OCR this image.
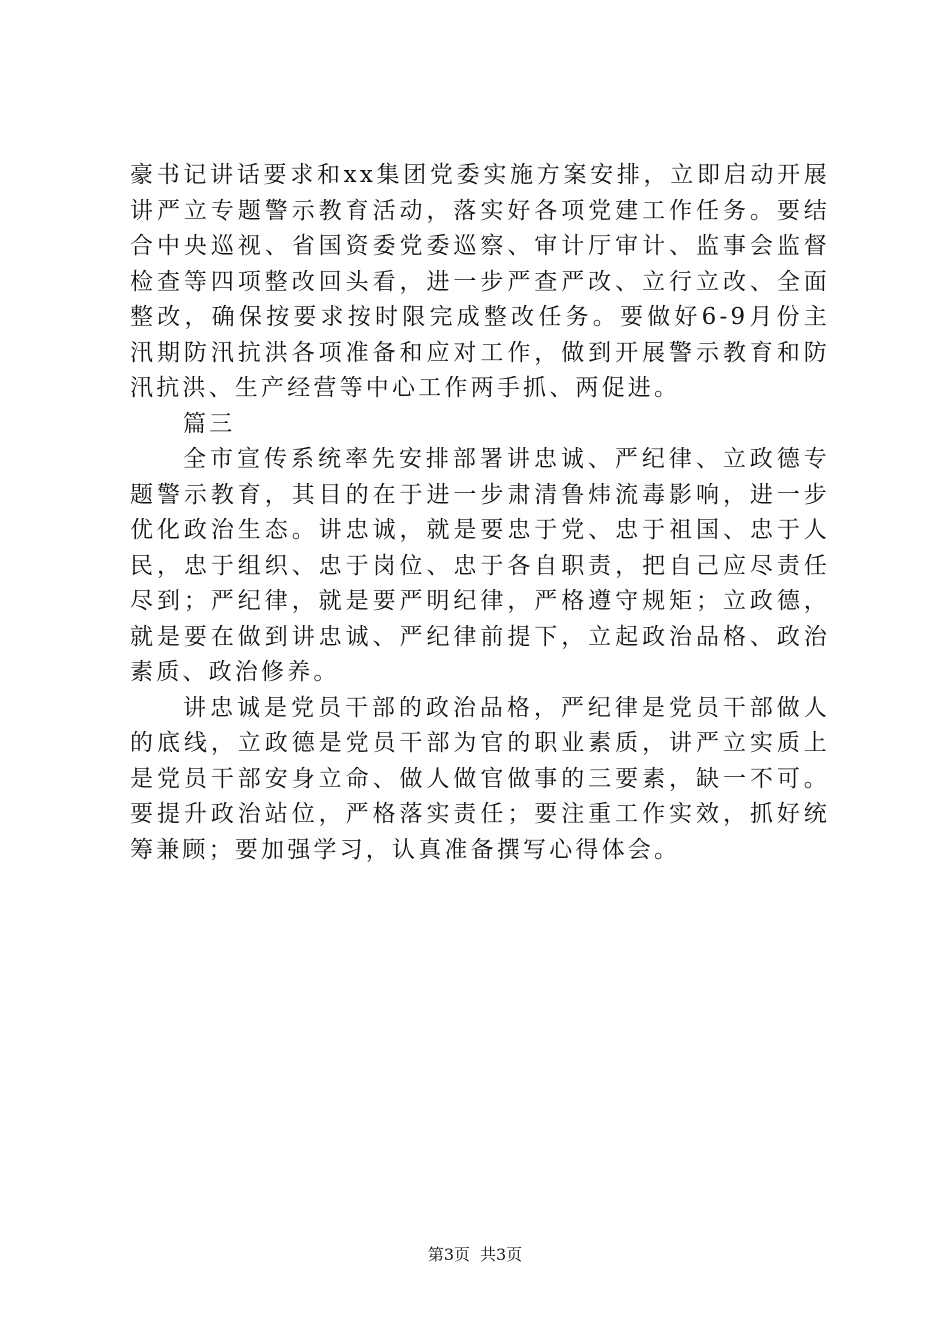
豪书记讲话要求和xx集团党委实施方案安排，立即启动开展讲严立专题警示教育活动，落实好各项党建工作任务。要结合中央巡视、省国资委党委巡察、审计厅审计、监事会监督检查等四项整改回头看，进一步严查严改、立行立改、全面整改，确保按要求按时限完成整改任务。要做好6-9月份主汛期防汛抗洪各项准备和应对工作，做到开展警示教育和防汛抗洪、生产经营等中心工作两手抓、两促进。

篇三

全市宣传系统率先安排部署讲忠诚、严纪律、立政德专题警示教育，其目的在于进一步肃清鲁炜流毒影响，进一步优化政治生态。讲忠诚，就是要忠于党、忠于祖国、忠于人民，忠于组织、忠于岗位、忠于各自职责，把自己应尽责任尽到；严纪律，就是要严明纪律，严格遵守规矩；立政德，就是要在做到讲忠诚、严纪律前提下，立起政治品格、政治素质、政治修养。

讲忠诚是党员干部的政治品格，严纪律是党员干部做人的底线，立政德是党员干部为官的职业素质，讲严立实质上是党员干部安身立命、做人做官做事的三要素，缺一不可。要提升政治站位，严格落实责任；要注重工作实效，抓好统筹兼顾；要加强学习，认真准备撰写心得体会。

第3页 共3页
